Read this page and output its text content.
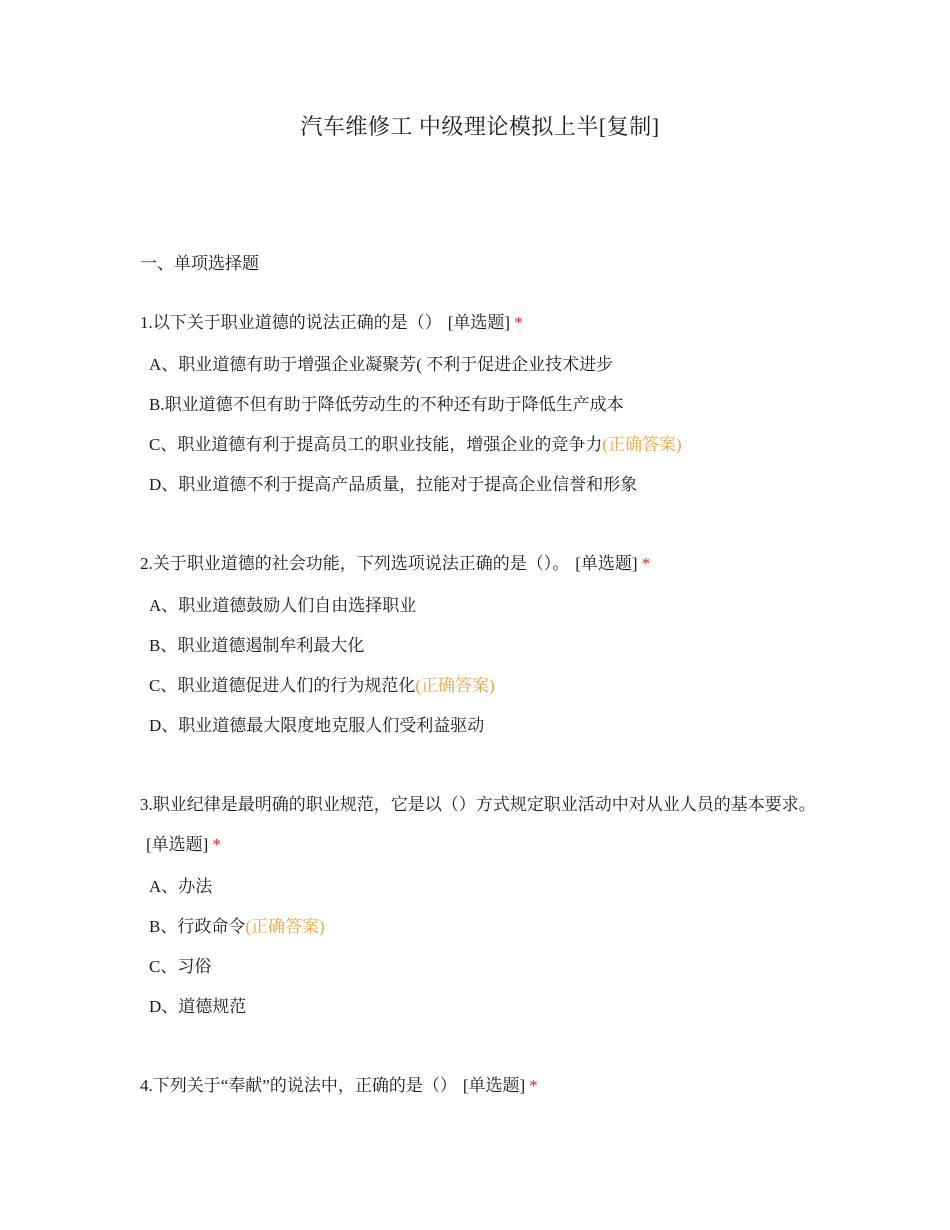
汽车维修工 中级理论模拟上半[复制]
一、单项选择题

1.以下关于职业道德的说法正确的是（） [单选题] *

A、职业道德有助于增强企业凝聚芳( 不利于促进企业技术进步
B.职业道德不但有助于降低劳动生的不种还有助于降低生产成本
C、职业道德有利于提高员工的职业技能，增强企业的竞争力(正确答案)
D、职业道德不利于提高产品质量，拉能对于提高企业信誉和形象

2.关于职业道德的社会功能，下列选项说法正确的是（）。 [单选题] *

A、职业道德鼓励人们自由选择职业
B、职业道德遏制牟利最大化
C、职业道德促进人们的行为规范化(正确答案)
D、职业道德最大限度地克服人们受利益驱动

3.职业纪律是最明确的职业规范，它是以（）方式规定职业活动中对从业人员的基本要求。[单选题] *

A、办法
B、行政命令(正确答案)
C、习俗
D、道德规范

4.下列关于“奉献”的说法中，正确的是（） [单选题] *
